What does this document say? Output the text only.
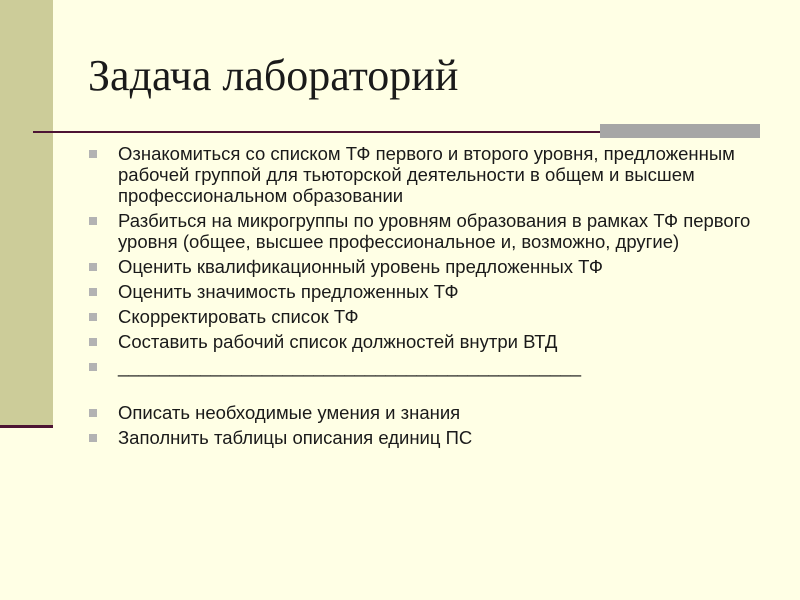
Задача лабораторий
Ознакомиться со списком ТФ первого и второго уровня, предложенным рабочей группой для тьюторской деятельности в общем и высшем профессиональном образовании
Разбиться на микрогруппы по уровням образования в рамках ТФ первого уровня (общее, высшее профессиональное и, возможно, другие)
Оценить квалификационный уровень предложенных ТФ
Оценить значимость предложенных ТФ
Скорректировать список ТФ
Составить рабочий список должностей внутри ВТД
_____________________________________________
Описать необходимые умения и знания
Заполнить таблицы описания единиц ПС
